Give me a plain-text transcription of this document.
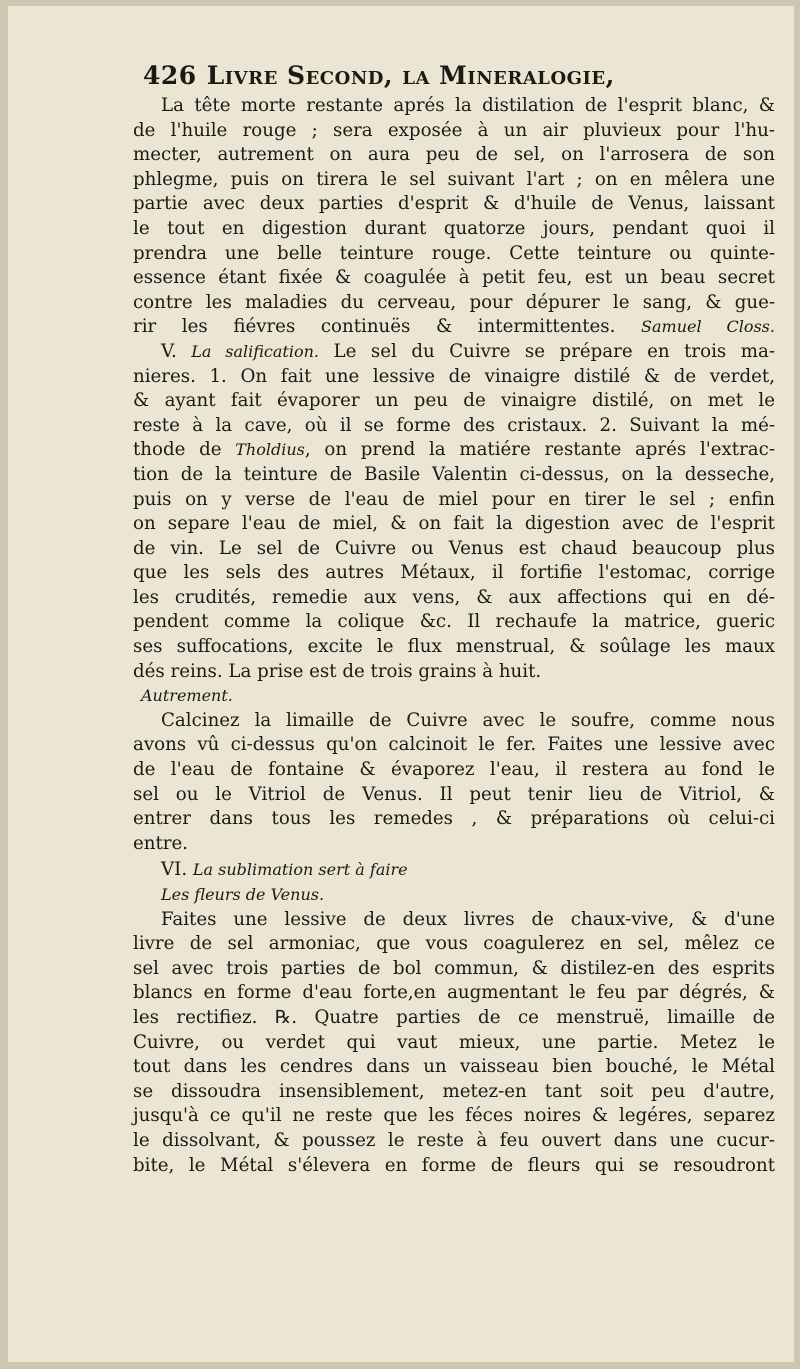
426 Livre Second, la Mineralogie,

La tête morte restante aprés la distilation de l'esprit blanc, &
de l'huile rouge ; sera exposée à un air pluvieux pour l'hu-
mecter, autrement on aura peu de sel, on l'arrosera de son
phlegme, puis on tirera le sel suivant l'art ; on en mêlera une
partie avec deux parties d'esprit & d'huile de Venus, laissant
le tout en digestion durant quatorze jours, pendant quoi il
prendra une belle teinture rouge. Cette teinture ou quinte-
essence étant fixée & coagulée à petit feu, est un beau secret
contre les maladies du cerveau, pour dépurer le sang, & gue-
rir les fiévres continuës & intermittentes. Samuel Closs.

V. La salification. Le sel du Cuivre se prépare en trois ma-
nieres. 1. On fait une lessive de vinaigre distilé & de verdet,
& ayant fait évaporer un peu de vinaigre distilé, on met le
reste à la cave, où il se forme des cristaux. 2. Suivant la mé-
thode de Tholdius, on prend la matiére restante aprés l'extrac-
tion de la teinture de Basile Valentin ci-dessus, on la desseche,
puis on y verse de l'eau de miel pour en tirer le sel ; enfin
on separe l'eau de miel, & on fait la digestion avec de l'esprit
de vin. Le sel de Cuivre ou Venus est chaud beaucoup plus
que les sels des autres Métaux, il fortifie l'estomac, corrige
les crudités, remedie aux vens, & aux affections qui en dé-
pendent comme la colique &c. Il rechaufe la matrice, gueric
ses suffocations, excite le flux menstrual, & soûlage les maux
dés reins. La prise est de trois grains à huit.

Autrement.

Calcinez la limaille de Cuivre avec le soufre, comme nous
avons vû ci-dessus qu'on calcinoit le fer. Faites une lessive avec
de l'eau de fontaine & évaporez l'eau, il restera au fond le
sel ou le Vitriol de Venus. Il peut tenir lieu de Vitriol, &
entrer dans tous les remedes , & préparations où celui-ci
entre.

VI. La sublimation sert à faire
Les fleurs de Venus.

Faites une lessive de deux livres de chaux-vive, & d'une
livre de sel armoniac, que vous coagulerez en sel, mêlez ce
sel avec trois parties de bol commun, & distilez-en des esprits
blancs en forme d'eau forte,en augmentant le feu par dégrés, &
les rectifiez. ℞. Quatre parties de ce menstruë, limaille de
Cuivre, ou verdet qui vaut mieux, une partie. Metez le
tout dans les cendres dans un vaisseau bien bouché, le Métal
se dissoudra insensiblement, metez-en tant soit peu d'autre,
jusqu'à ce qu'il ne reste que les féces noires & legéres, separez
le dissolvant, & poussez le reste à feu ouvert dans une cucur-
bite, le Métal s'élevera en forme de fleurs qui se resoudront
